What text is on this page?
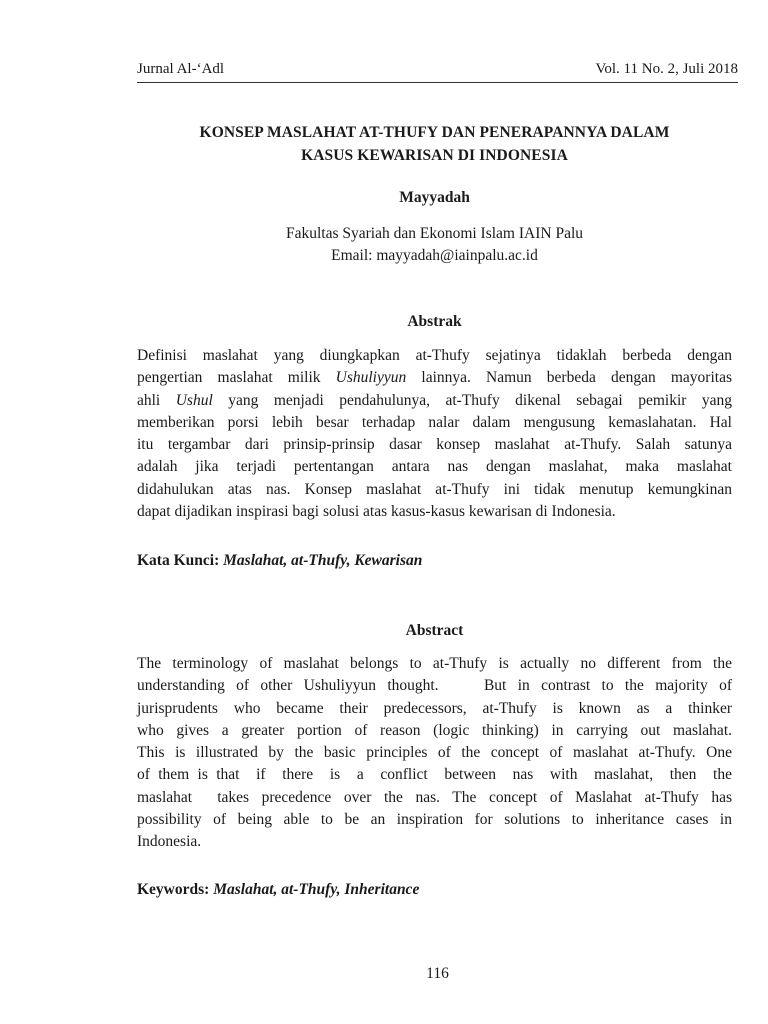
Jurnal Al-‘Adl	Vol. 11 No. 2, Juli 2018
KONSEP MASLAHAT AT-THUFY DAN PENERAPANNYA DALAM
KASUS KEWARISAN DI INDONESIA
Mayyadah
Fakultas Syariah dan Ekonomi Islam IAIN Palu
Email: mayyadah@iainpalu.ac.id
Abstrak
Definisi maslahat yang diungkapkan at-Thufy sejatinya tidaklah berbeda dengan
pengertian maslahat milik Ushuliyyun lainnya. Namun berbeda dengan mayoritas
ahli Ushul yang menjadi pendahulunya, at-Thufy dikenal sebagai pemikir yang
memberikan porsi lebih besar terhadap nalar dalam mengusung kemaslahatan. Hal
itu tergambar dari prinsip-prinsip dasar konsep maslahat at-Thufy. Salah satunya
adalah jika terjadi pertentangan antara nas dengan maslahat, maka maslahat
didahulukan atas nas. Konsep maslahat at-Thufy ini tidak menutup kemungkinan
dapat dijadikan inspirasi bagi solusi atas kasus-kasus kewarisan di Indonesia.
Kata Kunci: Maslahat, at-Thufy, Kewarisan
Abstract
The terminology of maslahat belongs to at-Thufy is actually no different from the
understanding of other Ushuliyyun thought.    But in contrast to the majority of
jurisprudents who became their predecessors, at-Thufy is known as a thinker
who gives a greater portion of reason (logic thinking) in carrying out maslahat.
This is illustrated by the basic principles of the concept of maslahat at-Thufy. One
of them is that  if  there  is  a  conflict  between  nas  with  maslahat,  then  the
maslahat  takes precedence over the nas. The concept of Maslahat at-Thufy has
possibility of being able to be an inspiration for solutions to inheritance cases in
Indonesia.
Keywords: Maslahat, at-Thufy, Inheritance
116
